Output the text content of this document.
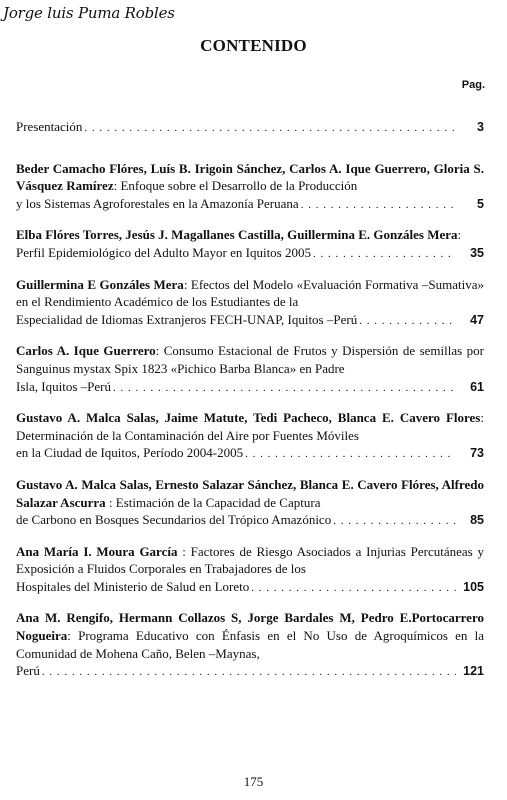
Jorge luis Puma Robles
CONTENIDO
Pag.
Presentación . . .	3
Beder Camacho Flóres, Luís B. Irigoin Sánchez, Carlos A. Ique Guerrero, Gloria S. Vásquez Ramírez: Enfoque sobre el Desarrollo de la Producción
y los Sistemas Agroforestales en la Amazonía Peruana . . .	5
Elba Flóres Torres, Jesús J. Magallanes Castilla, Guillermina E. Gonzáles Mera:
Perfil Epidemiológico del Adulto Mayor en Iquitos 2005 . . .	35
Guillermina E Gonzáles Mera: Efectos del Modelo «Evaluación Formativa –Sumativa» en el Rendimiento Académico de los Estudiantes de la
Especialidad de Idiomas Extranjeros FECH-UNAP, Iquitos –Perú . . .	47
Carlos A. Ique Guerrero: Consumo Estacional de Frutos y Dispersión de semillas por Sanguinus mystax Spix 1823 «Pichico Barba Blanca» en Padre
Isla, Iquitos –Perú . . .	61
Gustavo A. Malca Salas, Jaime Matute, Tedi Pacheco, Blanca E. Cavero Flores: Determinación de la Contaminación del Aire por Fuentes Móviles
en la Ciudad de Iquitos, Período 2004-2005 . . .	73
Gustavo A. Malca Salas, Ernesto Salazar Sánchez, Blanca E. Cavero Flóres, Alfredo Salazar Ascurra : Estimación de la Capacidad de Captura
de Carbono en Bosques Secundarios del Trópico Amazónico . . .	85
Ana María I. Moura García : Factores de Riesgo Asociados a Injurias Percutáneas y Exposición a Fluidos Corporales en Trabajadores de los
Hospitales del Ministerio de Salud en Loreto . . .	105
Ana M. Rengifo, Hermann Collazos S, Jorge Bardales M, Pedro E.Portocarrero Nogueira: Programa Educativo con Énfasis en el No Uso de Agroquímicos en la Comunidad de Mohena Caño, Belen –Maynas,
Perú . . .	121
175
